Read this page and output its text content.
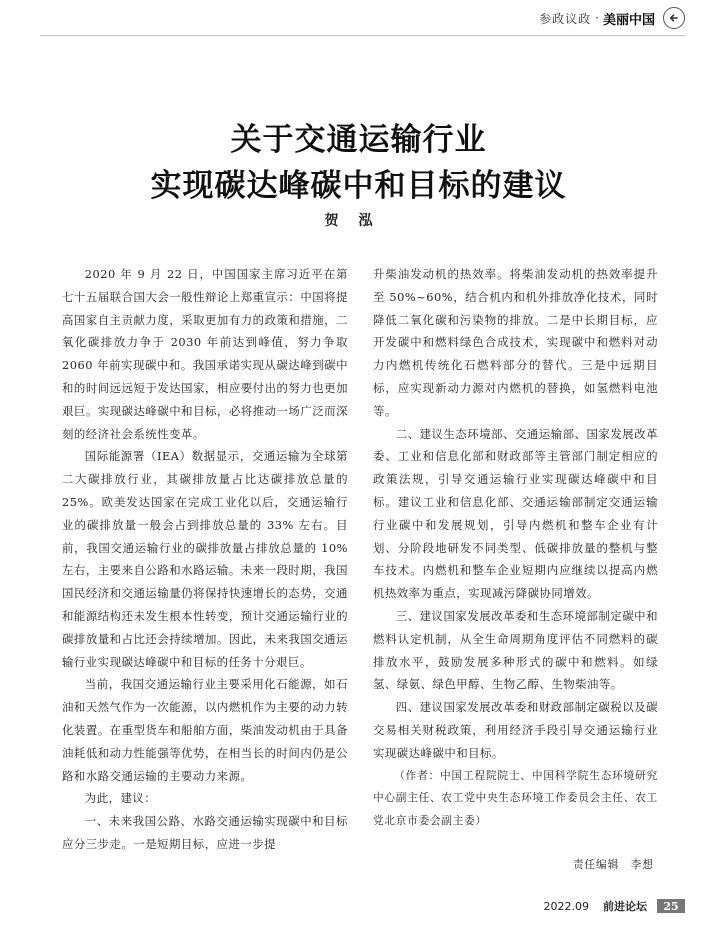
参政议政 · 美丽中国
关于交通运输行业
实现碳达峰碳中和目标的建议
贺泓

2020 年 9 月 22 日，中国国家主席习近平在第七十五届联合国大会一般性辩论上郑重宣示：中国将提高国家自主贡献力度，采取更加有力的政策和措施，二氧化碳排放力争于 2030 年前达到峰值，努力争取 2060 年前实现碳中和。我国承诺实现从碳达峰到碳中和的时间远远短于发达国家，相应要付出的努力也更加艰巨。实现碳达峰碳中和目标，必将推动一场广泛而深刻的经济社会系统性变革。

国际能源署（IEA）数据显示，交通运输为全球第二大碳排放行业，其碳排放量占比达碳排放总量的 25%。欧美发达国家在完成工业化以后，交通运输行业的碳排放量一般会占到排放总量的 33% 左右。目前，我国交通运输行业的碳排放量占排放总量的 10% 左右，主要来自公路和水路运输。未来一段时期，我国国民经济和交通运输量仍将保持快速增长的态势，交通和能源结构还未发生根本性转变，预计交通运输行业的碳排放量和占比还会持续增加。因此，未来我国交通运输行业实现碳达峰碳中和目标的任务十分艰巨。

当前，我国交通运输行业主要采用化石能源，如石油和天然气作为一次能源，以内燃机作为主要的动力转化装置。在重型货车和船舶方面，柴油发动机由于具备油耗低和动力性能强等优势，在相当长的时间内仍是公路和水路交通运输的主要动力来源。

为此，建议：

一、未来我国公路、水路交通运输实现碳中和目标应分三步走。一是短期目标，应进一步提

升柴油发动机的热效率。将柴油发动机的热效率提升至 50%~60%，结合机内和机外排放净化技术，同时降低二氧化碳和污染物的排放。二是中长期目标，应开发碳中和燃料绿色合成技术，实现碳中和燃料对动力内燃机传统化石燃料部分的替代。三是中远期目标，应实现新动力源对内燃机的替换，如氢燃料电池等。

二、建议生态环境部、交通运输部、国家发展改革委、工业和信息化部和财政部等主管部门制定相应的政策法规，引导交通运输行业实现碳达峰碳中和目标。建议工业和信息化部、交通运输部制定交通运输行业碳中和发展规划，引导内燃机和整车企业有计划、分阶段地研发不同类型、低碳排放量的整机与整车技术。内燃机和整车企业短期内应继续以提高内燃机热效率为重点，实现减污降碳协同增效。

三、建议国家发展改革委和生态环境部制定碳中和燃料认定机制，从全生命周期角度评估不同燃料的碳排放水平，鼓励发展多种形式的碳中和燃料。如绿氢、绿氨、绿色甲醇、生物乙醇、生物柴油等。

四、建议国家发展改革委和财政部制定碳税以及碳交易相关财税政策，利用经济手段引导交通运输行业实现碳达峰碳中和目标。

（作者：中国工程院院士、中国科学院生态环境研究中心副主任、农工党中央生态环境工作委员会主任、农工党北京市委会副主委）

责任编辑　李想
2022.09 前进论坛	25
